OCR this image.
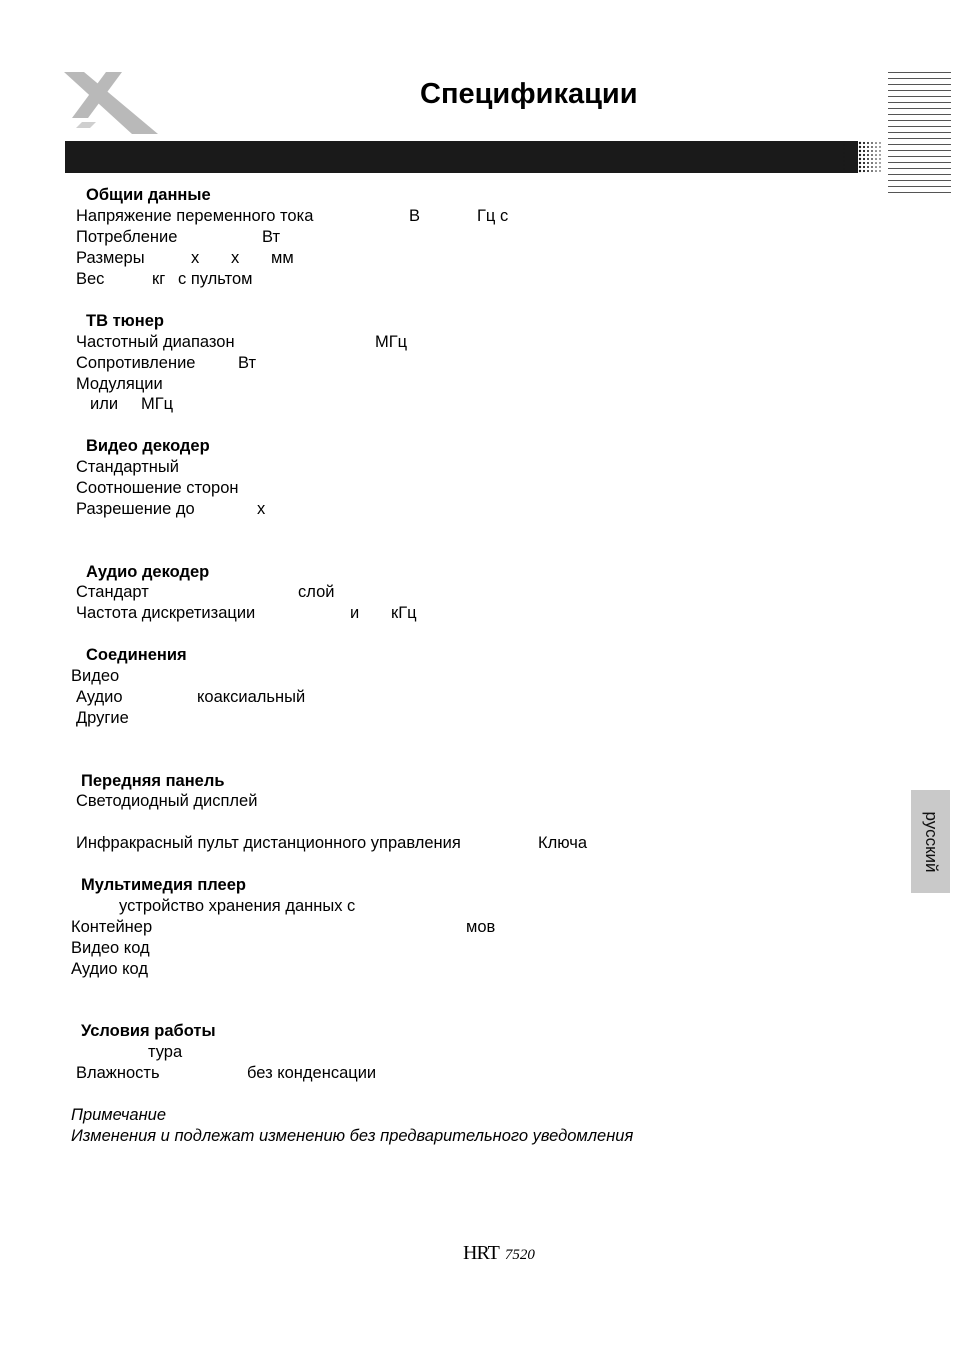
Спецификации
русский
Общии данные
Напряжение переменного тока	В	Гц с
Потребление	Вт
Размеры	x x мм
Вес	кг с пультом
ТВ тюнер
Частотный диапазон	МГц
Сопротивление	Вт
Модуляции
или МГц
Видео декодер
Стандартный
Соотношение сторон
Разрешение до	x
Аудио декодер
Стандарт	слой
Частота дискретизации	и кГц
Соединения
Видео
Аудио	коаксиальный
Другие
Передняя панель
Светодиодный дисплей
Инфракрасный пульт дистанционного управления	Ключа
Мультимедия плеер
устройство хранения данных с
Контейнер	мов
Видео код
Аудио код
Условия работы
тура
Влажность	без конденсации
Примечание
Изменения и подлежат изменению без предварительного уведомления
HRT 7520
